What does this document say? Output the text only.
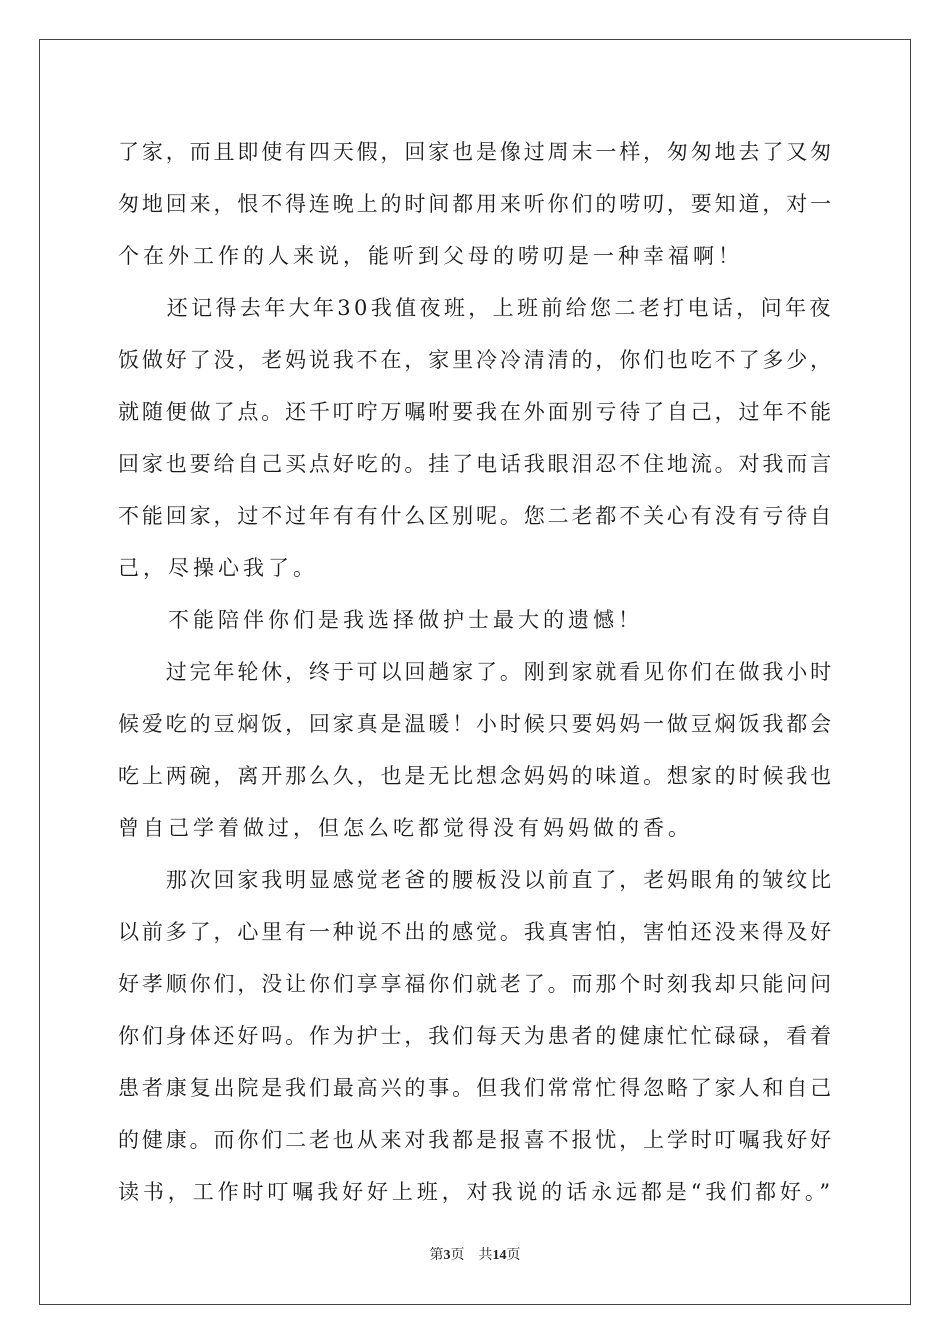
了家，而且即使有四天假，回家也是像过周末一样，匆匆地去了又匆
匆地回来，恨不得连晚上的时间都用来听你们的唠叨，要知道，对一
个在外工作的人来说，能听到父母的唠叨是一种幸福啊！
　　还记得去年大年30我值夜班，上班前给您二老打电话，问年夜
饭做好了没，老妈说我不在，家里冷冷清清的，你们也吃不了多少，
就随便做了点。还千叮咛万嘱咐要我在外面别亏待了自己，过年不能
回家也要给自己买点好吃的。挂了电话我眼泪忍不住地流。对我而言
不能回家，过不过年有有什么区别呢。您二老都不关心有没有亏待自
己，尽操心我了。
　　不能陪伴你们是我选择做护士最大的遗憾！
　　过完年轮休，终于可以回趟家了。刚到家就看见你们在做我小时
候爱吃的豆焖饭，回家真是温暖！小时候只要妈妈一做豆焖饭我都会
吃上两碗，离开那么久，也是无比想念妈妈的味道。想家的时候我也
曾自己学着做过，但怎么吃都觉得没有妈妈做的香。
　　那次回家我明显感觉老爸的腰板没以前直了，老妈眼角的皱纹比
以前多了，心里有一种说不出的感觉。我真害怕，害怕还没来得及好
好孝顺你们，没让你们享享福你们就老了。而那个时刻我却只能问问
你们身体还好吗。作为护士，我们每天为患者的健康忙忙碌碌，看着
患者康复出院是我们最高兴的事。但我们常常忙得忽略了家人和自己
的健康。而你们二老也从来对我都是报喜不报忧，上学时叮嘱我好好
读书，工作时叮嘱我好好上班，对我说的话永远都是“我们都好。”
第3页 共14页
